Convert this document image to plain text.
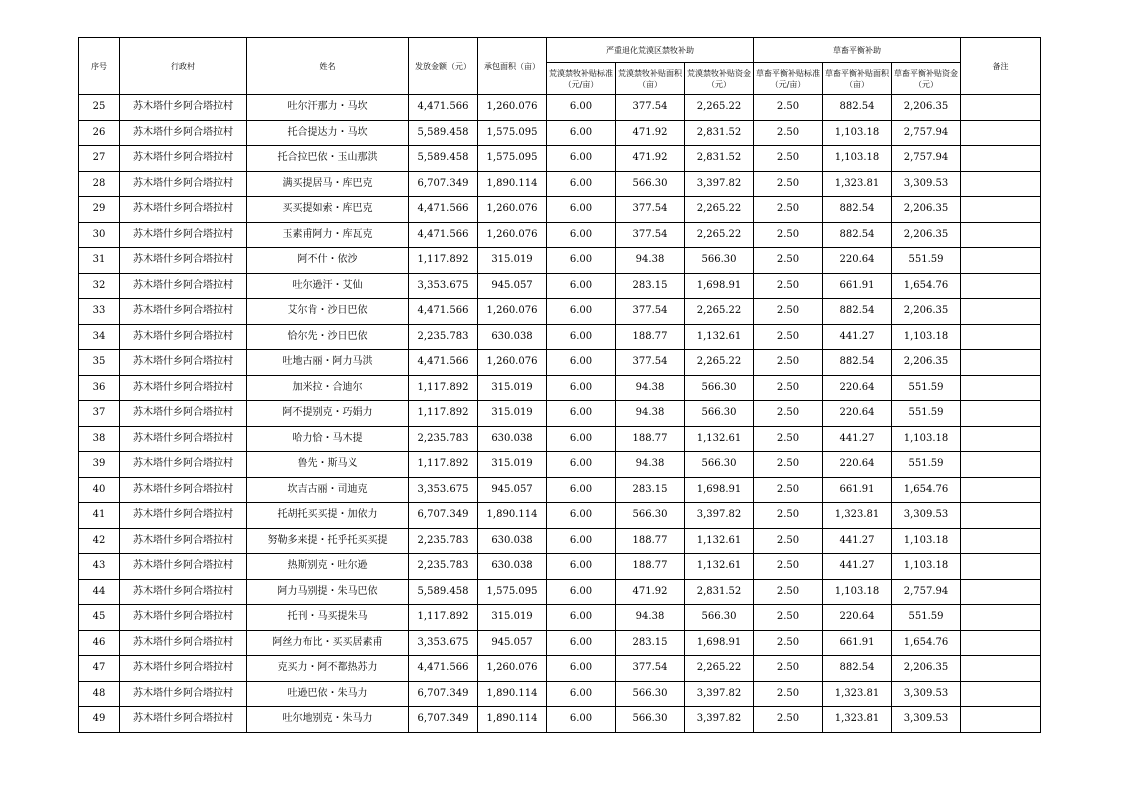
序号	行政村	姓名	发放金额（元）	承包面积（亩）	严重退化荒漠区禁牧补助			草畜平衡补助			备注
					荒漠禁牧补贴标准（元/亩）	荒漠禁牧补贴面积（亩）	荒漠禁牧补贴资金（元）	草畜平衡补贴标准（元/亩）	草畜平衡补贴面积（亩）	草畜平衡补贴资金（元）	
25	苏木塔什乡阿合塔拉村	吐尔汗那力・马坎	4,471.566	1,260.076	6.00	377.54	2,265.22	2.50	882.54	2,206.35	
26	苏木塔什乡阿合塔拉村	托合提达力・马坎	5,589.458	1,575.095	6.00	471.92	2,831.52	2.50	1,103.18	2,757.94	
27	苏木塔什乡阿合塔拉村	托合拉巴依・玉山那洪	5,589.458	1,575.095	6.00	471.92	2,831.52	2.50	1,103.18	2,757.94	
28	苏木塔什乡阿合塔拉村	满买提居马・库巴克	6,707.349	1,890.114	6.00	566.30	3,397.82	2.50	1,323.81	3,309.53	
29	苏木塔什乡阿合塔拉村	买买提如索・库巴克	4,471.566	1,260.076	6.00	377.54	2,265.22	2.50	882.54	2,206.35	
30	苏木塔什乡阿合塔拉村	玉素甫阿力・库瓦克	4,471.566	1,260.076	6.00	377.54	2,265.22	2.50	882.54	2,206.35	
31	苏木塔什乡阿合塔拉村	阿不什・依沙	1,117.892	315.019	6.00	94.38	566.30	2.50	220.64	551.59	
32	苏木塔什乡阿合塔拉村	吐尔逊汗・艾仙	3,353.675	945.057	6.00	283.15	1,698.91	2.50	661.91	1,654.76	
33	苏木塔什乡阿合塔拉村	艾尔肯・沙日巴依	4,471.566	1,260.076	6.00	377.54	2,265.22	2.50	882.54	2,206.35	
34	苏木塔什乡阿合塔拉村	恰尔先・沙日巴依	2,235.783	630.038	6.00	188.77	1,132.61	2.50	441.27	1,103.18	
35	苏木塔什乡阿合塔拉村	吐地古丽・阿力马洪	4,471.566	1,260.076	6.00	377.54	2,265.22	2.50	882.54	2,206.35	
36	苏木塔什乡阿合塔拉村	加米拉・合迪尔	1,117.892	315.019	6.00	94.38	566.30	2.50	220.64	551.59	
37	苏木塔什乡阿合塔拉村	阿不提别克・巧娟力	1,117.892	315.019	6.00	94.38	566.30	2.50	220.64	551.59	
38	苏木塔什乡阿合塔拉村	哈力恰・马木提	2,235.783	630.038	6.00	188.77	1,132.61	2.50	441.27	1,103.18	
39	苏木塔什乡阿合塔拉村	鲁先・斯马义	1,117.892	315.019	6.00	94.38	566.30	2.50	220.64	551.59	
40	苏木塔什乡阿合塔拉村	坎吉古丽・司迪克	3,353.675	945.057	6.00	283.15	1,698.91	2.50	661.91	1,654.76	
41	苏木塔什乡阿合塔拉村	托胡托买买提・加依力	6,707.349	1,890.114	6.00	566.30	3,397.82	2.50	1,323.81	3,309.53	
42	苏木塔什乡阿合塔拉村	努勒多来提・托乎托买买提	2,235.783	630.038	6.00	188.77	1,132.61	2.50	441.27	1,103.18	
43	苏木塔什乡阿合塔拉村	热斯别克・吐尔逊	2,235.783	630.038	6.00	188.77	1,132.61	2.50	441.27	1,103.18	
44	苏木塔什乡阿合塔拉村	阿力马别提・朱马巴依	5,589.458	1,575.095	6.00	471.92	2,831.52	2.50	1,103.18	2,757.94	
45	苏木塔什乡阿合塔拉村	托刊・马买提朱马	1,117.892	315.019	6.00	94.38	566.30	2.50	220.64	551.59	
46	苏木塔什乡阿合塔拉村	阿丝力布比・买买居素甫	3,353.675	945.057	6.00	283.15	1,698.91	2.50	661.91	1,654.76	
47	苏木塔什乡阿合塔拉村	克买力・阿不都热苏力	4,471.566	1,260.076	6.00	377.54	2,265.22	2.50	882.54	2,206.35	
48	苏木塔什乡阿合塔拉村	吐逊巴依・朱马力	6,707.349	1,890.114	6.00	566.30	3,397.82	2.50	1,323.81	3,309.53	
49	苏木塔什乡阿合塔拉村	吐尔地别克・朱马力	6,707.349	1,890.114	6.00	566.30	3,397.82	2.50	1,323.81	3,309.53	
